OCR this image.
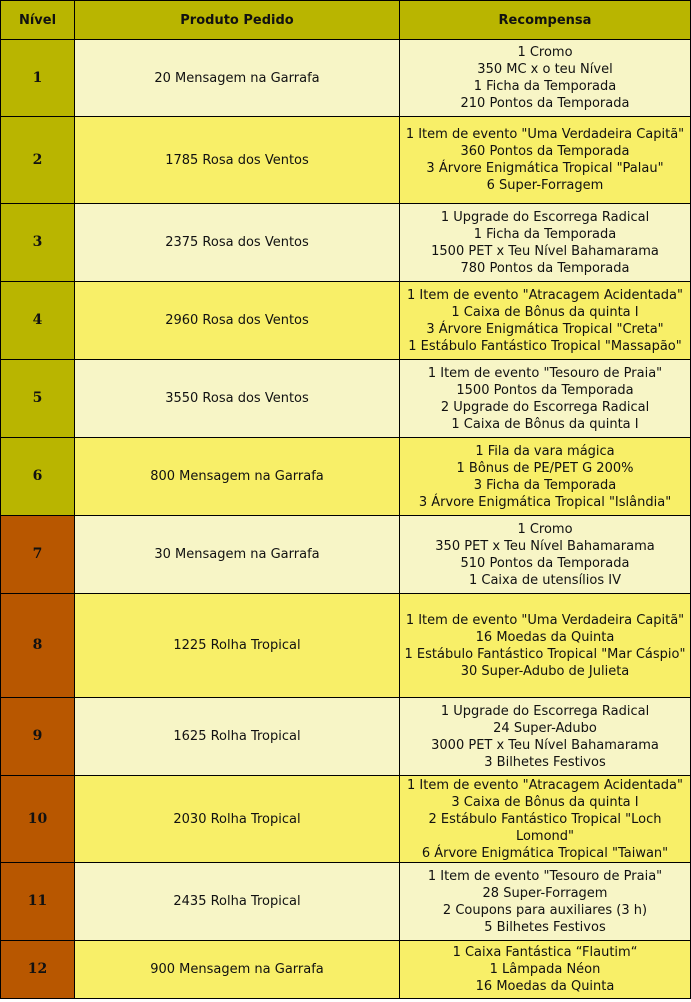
Nível	Produto Pedido	Recompensa
1	20 Mensagem na Garrafa	1 Cromo
350 MC x o teu Nível
1 Ficha da Temporada
210 Pontos da Temporada

2	1785 Rosa dos Ventos	1 Item de evento "Uma Verdadeira Capitã"
360 Pontos da Temporada
3 Árvore Enigmática Tropical "Palau"
6 Super-Forragem

3	2375 Rosa dos Ventos	1 Upgrade do Escorrega Radical
1 Ficha da Temporada
1500 PET x Teu Nível Bahamarama
780 Pontos da Temporada

4	2960 Rosa dos Ventos	1 Item de evento "Atracagem Acidentada"
1 Caixa de Bônus da quinta I
3 Árvore Enigmática Tropical "Creta"
1 Estábulo Fantástico Tropical "Massapão"

5	3550 Rosa dos Ventos	1 Item de evento "Tesouro de Praia"
1500 Pontos da Temporada
2 Upgrade do Escorrega Radical
1 Caixa de Bônus da quinta I

6	800 Mensagem na Garrafa	1 Fila da vara mágica
1 Bônus de PE/PET G 200%
3 Ficha da Temporada
3 Árvore Enigmática Tropical "Islândia"

7	30 Mensagem na Garrafa	1 Cromo
350 PET x Teu Nível Bahamarama
510 Pontos da Temporada
1 Caixa de utensílios IV

8	1225 Rolha Tropical	1 Item de evento "Uma Verdadeira Capitã"
16 Moedas da Quinta
1 Estábulo Fantástico Tropical "Mar Cáspio"
30 Super-Adubo de Julieta

9	1625 Rolha Tropical	1 Upgrade do Escorrega Radical
24 Super-Adubo
3000 PET x Teu Nível Bahamarama
3 Bilhetes Festivos

10	2030 Rolha Tropical	1 Item de evento "Atracagem Acidentada"
3 Caixa de Bônus da quinta I
2 Estábulo Fantástico Tropical "Loch Lomond"
6 Árvore Enigmática Tropical "Taiwan"

11	2435 Rolha Tropical	1 Item de evento "Tesouro de Praia"
28 Super-Forragem
2 Coupons para auxiliares (3 h)
5 Bilhetes Festivos

12	900 Mensagem na Garrafa	1 Caixa Fantástica “Flautim“
1 Lâmpada Néon
16 Moedas da Quinta
